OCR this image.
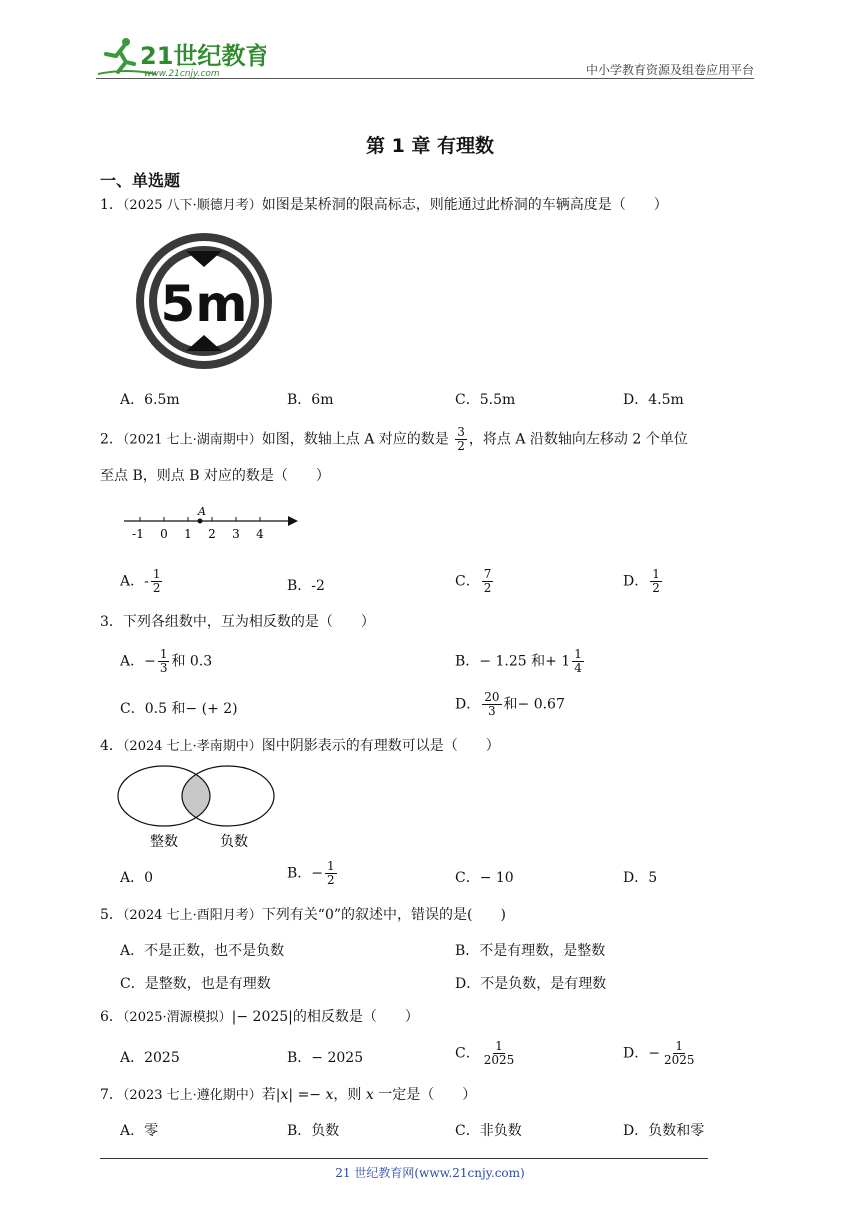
21世纪教育
www.21cnjy.com	中小学教育资源及组卷应用平台
第 1 章 有理数
一、单选题
1．（2025 八下·顺德月考）如图是某桥洞的限高标志，则能通过此桥洞的车辆高度是（　　）
5m
A．6.5m	B．6m	C．5.5m	D．4.5m
2．（2021 七上·湖南期中）如图，数轴上点 A 对应的数是 $\frac{3}{2}$ ，将点 A 沿数轴向左移动 2 个单位
至点 B，则点 B 对应的数是（　　）
A
-1 0 1 2 3 4
A．- $\frac{1}{2}$	B．-2	C． $\frac{7}{2}$	D． $\frac{1}{2}$
3．下列各组数中，互为相反数的是（　　）
A．− $\frac{1}{3}$ 和 0.3	B．− 1.25 和+ $1 \frac{1}{4}$
C．0.5 和− (+ 2)	D． $\frac{20}{3}$ 和− 0.67
4．（2024 七上·孝南期中）图中阴影表示的有理数可以是（　　）
整数	负数
A．0	B．− $\frac{1}{2}$	C．− 10	D．5
5．（2024 七上·酉阳月考）下列有关“0”的叙述中，错误的是(　　)
A．不是正数，也不是负数	B．不是有理数，是整数
C．是整数，也是有理数	D．不是负数，是有理数
6．（2025·渭源模拟）|− 2025|的相反数是（　　）
A．2025	B．− 2025	C． $\frac{1}{2025}$	D．− $\frac{1}{2025}$
7．（2023 七上·遵化期中）若|x| =− x，则 x 一定是（　　）
A．零	B．负数	C．非负数	D．负数和零
21 世纪教育网(www.21cnjy.com)
